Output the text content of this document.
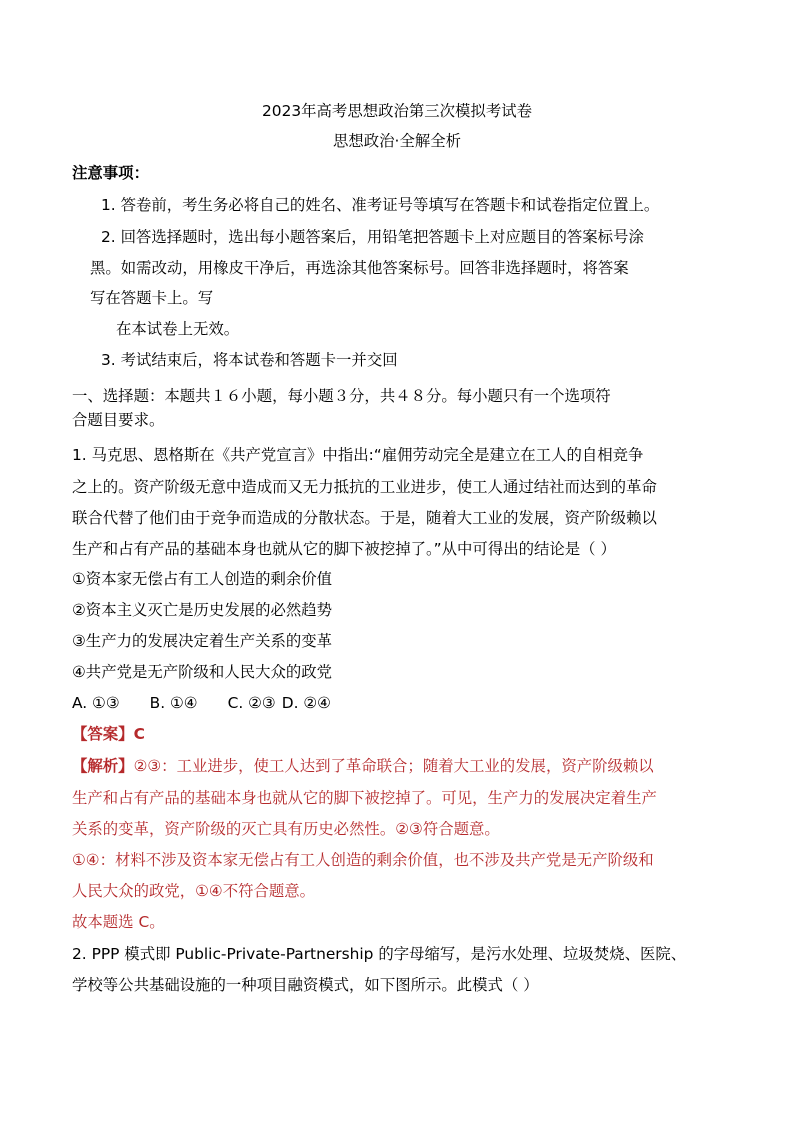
2023年高考思想政治第三次模拟考试卷
思想政治·全解全析
注意事项：
1. 答卷前，考生务必将自己的姓名、准考证号等填写在答题卡和试卷指定位置上。
2. 回答选择题时，选出每小题答案后，用铅笔把答题卡上对应题目的答案标号涂
黑。如需改动，用橡皮干净后，再选涂其他答案标号。回答非选择题时，将答案
写在答题卡上。写
在本试卷上无效。
3. 考试结束后，将本试卷和答题卡一并交回
一、选择题：本题共１６小题，每小题３分，共４８分。每小题只有一个选项符
合题目要求。
1. 马克思、恩格斯在《共产党宣言》中指出:“雇佣劳动完全是建立在工人的自相竞争
之上的。资产阶级无意中造成而又无力抵抗的工业进步，使工人通过结社而达到的革命
联合代替了他们由于竞争而造成的分散状态。于是，随着大工业的发展，资产阶级赖以
生产和占有产品的基础本身也就从它的脚下被挖掉了。”从中可得出的结论是（ ）
①资本家无偿占有工人创造的剩余价值
②资本主义灭亡是历史发展的必然趋势
③生产力的发展决定着生产关系的变革
④共产党是无产阶级和人民大众的政党
A. ①③ B. ①④ C. ②③ D. ②④
【答案】C
【解析】②③：工业进步，使工人达到了革命联合；随着大工业的发展，资产阶级赖以
生产和占有产品的基础本身也就从它的脚下被挖掉了。可见，生产力的发展决定着生产
关系的变革，资产阶级的灭亡具有历史必然性。②③符合题意。
①④：材料不涉及资本家无偿占有工人创造的剩余价值，也不涉及共产党是无产阶级和
人民大众的政党，①④不符合题意。
故本题选 C。
2. PPP 模式即 Public-Private-Partnership 的字母缩写，是污水处理、垃圾焚烧、医院、
学校等公共基础设施的一种项目融资模式，如下图所示。此模式（ ）
